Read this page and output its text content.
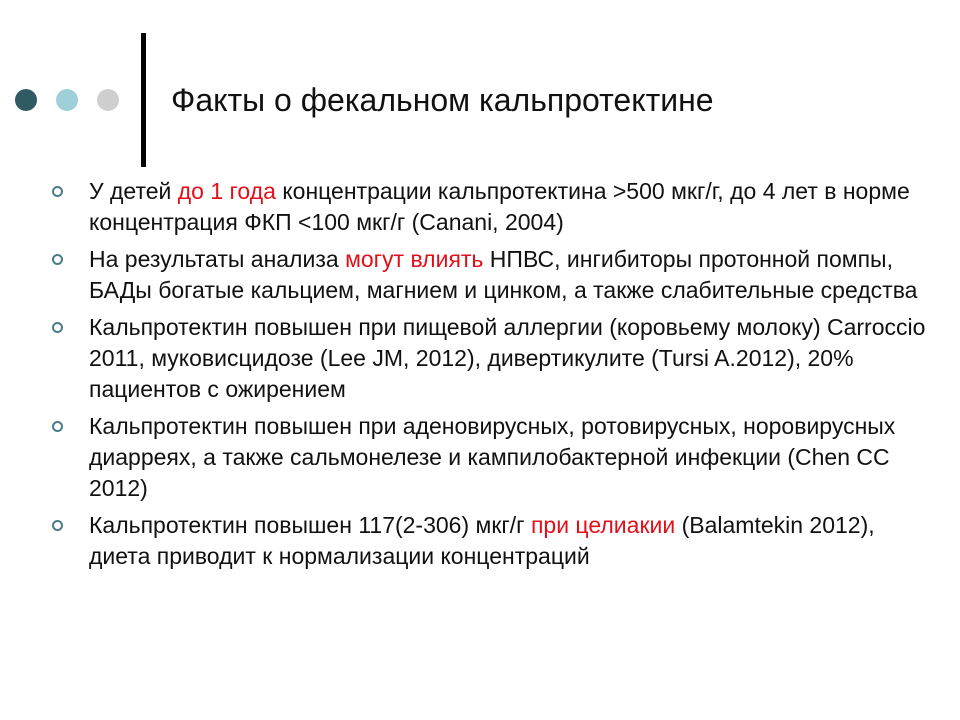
Факты о фекальном кальпротектине
У детей до 1 года концентрации кальпротектина >500 мкг/г, до 4 лет в норме концентрация ФКП <100 мкг/г (Canani, 2004)
На результаты анализа могут влиять НПВС, ингибиторы протонной помпы, БАДы богатые кальцием, магнием и цинком, а также слабительные средства
Кальпротектин повышен при пищевой аллергии (коровьему молоку) Carroccio 2011, муковисцидозе (Lee JM, 2012), дивертикулите (Tursi A.2012), 20% пациентов с ожирением
Кальпротектин повышен при аденовирусных, ротовирусных, норовирусных диарреях, а также сальмонелезе и кампилобактерной инфекции (Chen CC 2012)
Кальпротектин повышен 117(2-306) мкг/г при целиакии (Balamtekin 2012), диета приводит к нормализации концентраций
